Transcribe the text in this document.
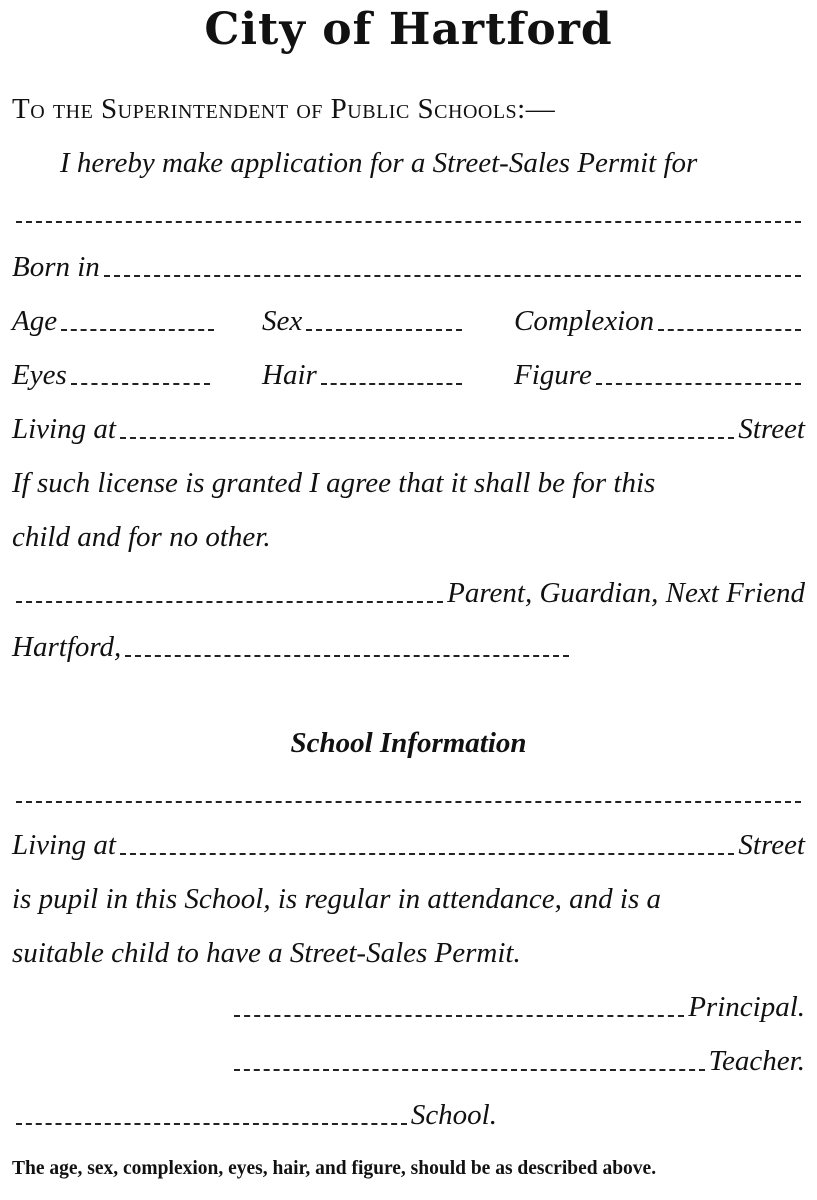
City of Hartford
To the Superintendent of Public Schools:—
I hereby make application for a Street-Sales Permit for
Born in
Age	Sex	Complexion
Eyes	Hair	Figure
Living at	Street
If such license is granted I agree that it shall be for this
child and for no other.
Parent, Guardian, Next Friend
Hartford,
School Information
Living at	Street
is pupil in this School, is regular in attendance, and is a
suitable child to have a Street-Sales Permit.
Principal.
Teacher.
School.
The age, sex, complexion, eyes, hair, and figure, should be as described above.
